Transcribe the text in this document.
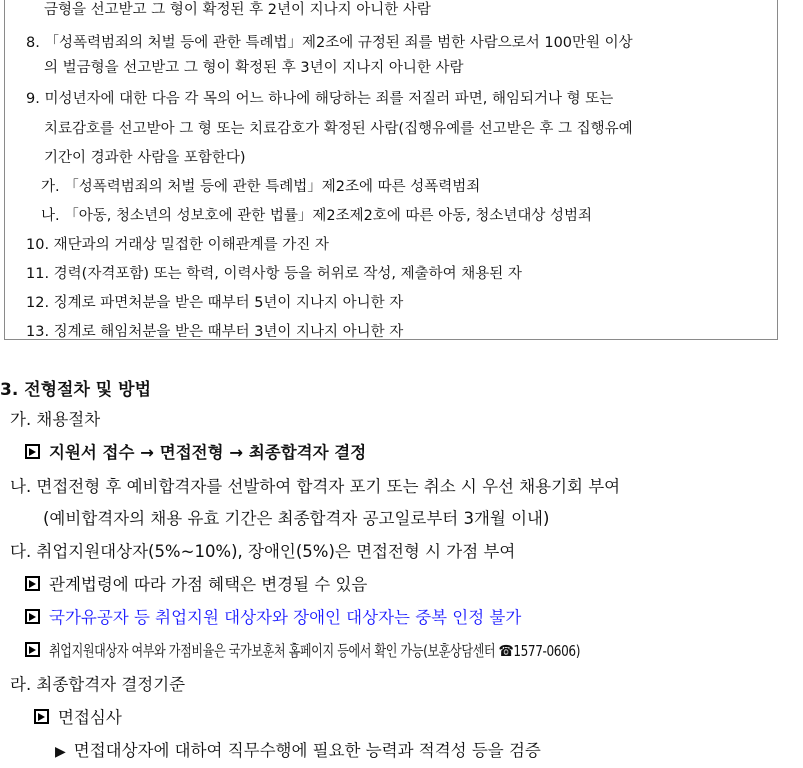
금형을 선고받고 그 형이 확정된 후 2년이 지나지 아니한 사람
8. 「성폭력범죄의 처벌 등에 관한 특례법」제2조에 규정된 죄를 범한 사람으로서 100만원 이상
의 벌금형을 선고받고 그 형이 확정된 후 3년이 지나지 아니한 사람
9. 미성년자에 대한 다음 각 목의 어느 하나에 해당하는 죄를 저질러 파면, 해임되거나 형 또는
치료감호를 선고받아 그 형 또는 치료감호가 확정된 사람(집행유예를 선고받은 후 그 집행유예
기간이 경과한 사람을 포함한다)
가. 「성폭력범죄의 처벌 등에 관한 특례법」제2조에 따른 성폭력범죄
나. 「아동, 청소년의 성보호에 관한 법률」제2조제2호에 따른 아동, 청소년대상 성범죄
10. 재단과의 거래상 밀접한 이해관계를 가진 자
11. 경력(자격포함) 또는 학력, 이력사항 등을 허위로 작성, 제출하여 채용된 자
12. 징계로 파면처분을 받은 때부터 5년이 지나지 아니한 자
13. 징계로 해임처분을 받은 때부터 3년이 지나지 아니한 자
3. 전형절차 및 방법
가. 채용절차
지원서 접수 → 면접전형 → 최종합격자 결정
나. 면접전형 후 예비합격자를 선발하여 합격자 포기 또는 취소 시 우선 채용기회 부여
(예비합격자의 채용 유효 기간은 최종합격자 공고일로부터 3개월 이내)
다. 취업지원대상자(5%~10%), 장애인(5%)은 면접전형 시 가점 부여
관계법령에 따라 가점 혜택은 변경될 수 있음
국가유공자 등 취업지원 대상자와 장애인 대상자는 중복 인정 불가
취업지원대상자 여부와 가점비율은 국가보훈처 홈페이지 등에서 확인 가능(보훈상담센터 ☎1577-0606)
라. 최종합격자 결정기준
면접심사
▶ 면접대상자에 대하여 직무수행에 필요한 능력과 적격성 등을 검증
